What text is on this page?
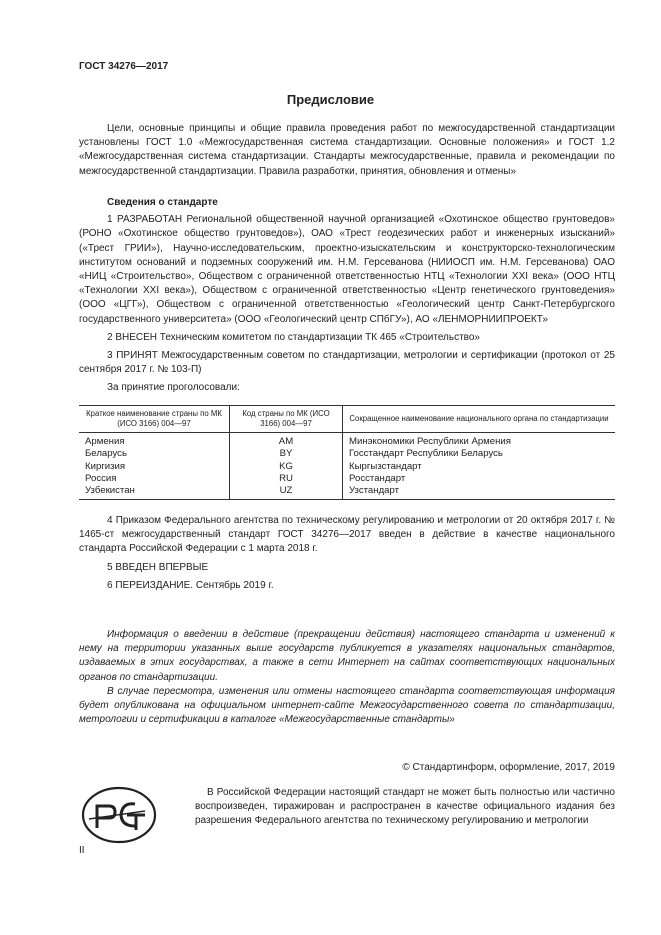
ГОСТ 34276—2017
Предисловие

Цели, основные принципы и общие правила проведения работ по межгосударственной стандартизации установлены ГОСТ 1.0 «Межгосударственная система стандартизации. Основные положения» и ГОСТ 1.2 «Межгосударственная система стандартизации. Стандарты межгосударственные, правила и рекомендации по межгосударственной стандартизации. Правила разработки, принятия, обновления и отмены»

Сведения о стандарте

1 РАЗРАБОТАН Региональной общественной научной организацией «Охотинское общество грунтоведов» (РОНО «Охотинское общество грунтоведов»), ОАО «Трест геодезических работ и инженерных изысканий» («Трест ГРИИ»), Научно-исследовательским, проектно-изыскательским и конструкторско-технологическим институтом оснований и подземных сооружений им. Н.М. Герсеванова (НИИОСП им. Н.М. Герсеванова) ОАО «НИЦ «Строительство», Обществом с ограниченной ответственностью НТЦ «Технологии XXI века» (ООО НТЦ «Технологии XXI века»), Обществом с ограниченной ответственностью «Центр генетического грунтоведения» (ООО «ЦГГ»), Обществом с ограниченной ответственностью «Геологический центр Санкт-Петербургского государственного университета» (ООО «Геологический центр СПбГУ»), АО «ЛЕНМОРНИИПРОЕКТ»

2 ВНЕСЕН Техническим комитетом по стандартизации ТК 465 «Строительство»

3 ПРИНЯТ Межгосударственным советом по стандартизации, метрологии и сертификации (протокол от 25 сентября 2017 г. № 103-П)

За принятие проголосовали:

Краткое наименование страны по МК (ИСО 3166) 004—97	Код страны по МК (ИСО 3166) 004—97	Сокращенное наименование национального органа по стандартизации
Армения	AM	Минэкономики Республики Армения
Беларусь	BY	Госстандарт Республики Беларусь
Киргизия	KG	Кыргызстандарт
Россия	RU	Росстандарт
Узбекистан	UZ	Узстандарт

4 Приказом Федерального агентства по техническому регулированию и метрологии от 20 октября 2017 г. № 1465-ст межгосударственный стандарт ГОСТ 34276—2017 введен в действие в качестве национального стандарта Российской Федерации с 1 марта 2018 г.

5 ВВЕДЕН ВПЕРВЫЕ

6 ПЕРЕИЗДАНИЕ. Сентябрь 2019 г.

Информация о введении в действие (прекращении действия) настоящего стандарта и изменений к нему на территории указанных выше государств публикуется в указателях национальных стандартов, издаваемых в этих государствах, а также в сети Интернет на сайтах соответствующих национальных органов по стандартизации.

В случае пересмотра, изменения или отмены настоящего стандарта соответствующая информация будет опубликована на официальном интернет-сайте Межгосударственного совета по стандартизации, метрологии и сертификации в каталоге «Межгосударственные стандарты»

© Стандартинформ, оформление, 2017, 2019

В Российской Федерации настоящий стандарт не может быть полностью или частично воспроизведен, тиражирован и распространен в качестве официального издания без разрешения Федерального агентства по техническому регулированию и метрологии

II
